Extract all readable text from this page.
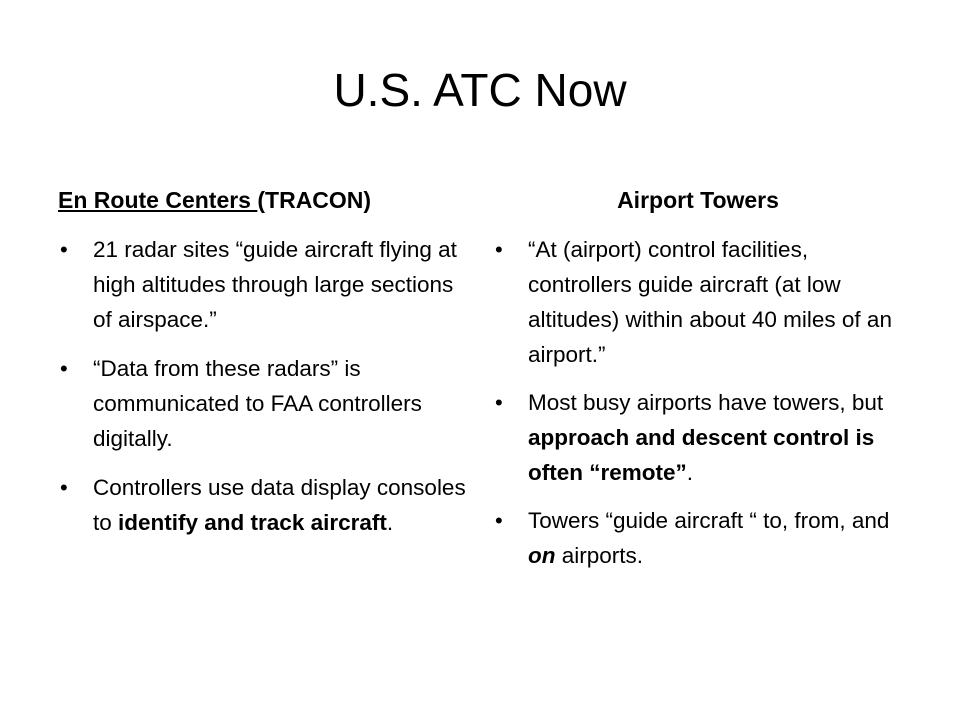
U.S. ATC Now
En Route Centers (TRACON)
• 21 radar sites “guide aircraft flying at high altitudes through large sections of airspace.”
• “Data from these radars” is communicated to FAA controllers digitally.
• Controllers use data display consoles to identify and track aircraft.
Airport Towers
• “At (airport) control facilities, controllers guide aircraft (at low altitudes) within about 40 miles of an airport.”
• Most busy airports have towers, but approach and descent control is often “remote”.
• Towers “guide aircraft “ to, from, and on airports.
